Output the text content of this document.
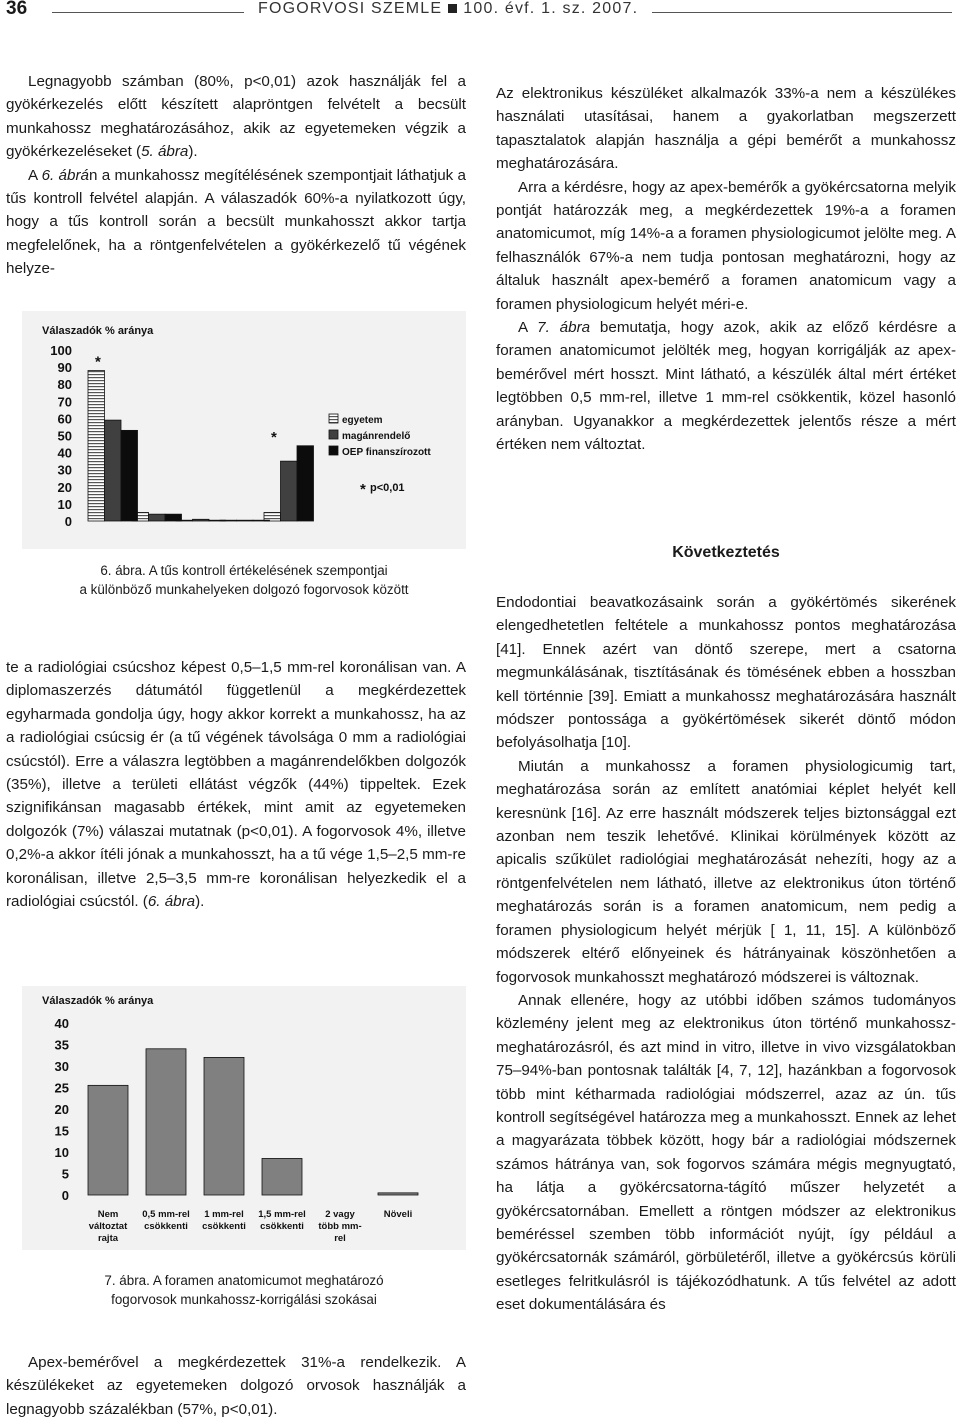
36	FOGORVOSI SZEMLE 100. évf. 1. sz. 2007.

Legnagyobb számban (80%, p<0,01) azok használják fel a gyökérkezelés előtt készített alapröntgen felvételt a becsült munkahossz meghatározásához, akik az egyetemeken végzik a gyökérkezeléseket (5. ábra).

A 6. ábrán a munkahossz megítélésének szempontjait láthatjuk a tűs kontroll felvétel alapján. A válaszadók 60%-a nyilatkozott úgy, hogy a tűs kontroll során a becsült munkahosszt akkor tartja megfelelőnek, ha a röntgenfelvételen a gyökérkezelő tű végének helyze-

Válaszadók % aránya
100
90
80
70
60
50
40
30
20
10
0
*
*
egyetem
magánrendelő
OEP finanszírozott
* p<0,01
6. ábra. A tűs kontroll értékelésének szempontjai
a különböző munkahelyeken dolgozó fogorvosok között

te a radiológiai csúcshoz képest 0,5–1,5 mm-rel koronálisan van. A diplomaszerzés dátumától függetlenül a megkérdezettek egyharmada gondolja úgy, hogy akkor korrekt a munkahossz, ha az a radiológiai csúcsig ér (a tű végének távolsága 0 mm a radiológiai csúcstól). Erre a válaszra legtöbben a magánrendelőkben dolgozók (35%), illetve a területi ellátást végzők (44%) tippeltek. Ezek szignifikánsan magasabb értékek, mint amit az egyetemeken dolgozók (7%) válaszai mutatnak (p<0,01). A fogorvosok 4%, illetve 0,2%-a akkor ítéli jónak a munkahosszt, ha a tű vége 1,5–2,5 mm-re koronálisan, illetve 2,5–3,5 mm-re koronálisan helyezkedik el a radiológiai csúcstól. (6. ábra).

Válaszadók % aránya
40
35
30
25
20
15
10
5
0
Nem
változtat
rajta
0,5 mm-rel
csökkenti
1 mm-rel
csökkenti
1,5 mm-rel
csökkenti
2 vagy
több mm-
rel
Növeli
7. ábra. A foramen anatomicumot meghatározó
fogorvosok munkahossz-korrigálási szokásai

Apex-bemérővel a megkérdezettek 31%-a rendelkezik. A készülékeket az egyetemeken dolgozó orvosok használják a legnagyobb százalékban (57%, p<0,01).

Az elektronikus készüléket alkalmazók 33%-a nem a készülékes használati utasításai, hanem a gyakorlatban megszerzett tapasztalatok alapján használja a gépi bemérőt a munkahossz meghatározására.

Arra a kérdésre, hogy az apex-bemérők a gyökércsatorna melyik pontját határozzák meg, a megkérdezettek 19%-a a foramen anatomicumot, míg 14%-a a foramen physiologicumot jelölte meg. A felhasználók 67%-a nem tudja pontosan meghatározni, hogy az általuk használt apex-bemérő a foramen anatomicum vagy a foramen physiologicum helyét méri-e.

A 7. ábra bemutatja, hogy azok, akik az előző kérdésre a foramen anatomicumot jelölték meg, hogyan korrigálják az apex-bemérővel mért hosszt. Mint látható, a készülék által mért értéket legtöbben 0,5 mm-rel, illetve 1 mm-rel csökkentik, közel hasonló arányban. Ugyanakkor a megkérdezettek jelentős része a mért értéken nem változtat.

Következtetés

Endodontiai beavatkozásaink során a gyökértömés sikerének elengedhetetlen feltétele a munkahossz pontos meghatározása [41]. Ennek azért van döntő szerepe, mert a csatorna megmunkálásának, tisztításának és tömésének ebben a hosszban kell történnie [39]. Emiatt a munkahossz meghatározására használt módszer pontossága a gyökértömések sikerét döntő módon befolyásolhatja [10].

Miután a munkahossz a foramen physiologicumig tart, meghatározása során az említett anatómiai képlet helyét kell keresnünk [16]. Az erre használt módszerek teljes biztonsággal ezt azonban nem teszik lehetővé. Klinikai körülmények között az apicalis szűkület radiológiai meghatározását nehezíti, hogy az a röntgenfelvételen nem látható, illetve az elektronikus úton történő meghatározás során is a foramen anatomicum, nem pedig a foramen physiologicum helyét mérjük [ 1, 11, 15]. A különböző módszerek eltérő előnyeinek és hátrányainak köszönhetően a fogorvosok munkahosszt meghatározó módszerei is változnak.

Annak ellenére, hogy az utóbbi időben számos tudományos közlemény jelent meg az elektronikus úton történő munkahossz-meghatározásról, és azt mind in vitro, illetve in vivo vizsgálatokban 75–94%-ban pontosnak találták [4, 7, 12], hazánkban a fogorvosok több mint kétharmada radiológiai módszerrel, azaz az ún. tűs kontroll segítségével határozza meg a munkahosszt. Ennek az lehet a magyarázata többek között, hogy bár a radiológiai módszernek számos hátránya van, sok fogorvos számára mégis megnyugtató, ha látja a gyökércsatorna-tágító műszer helyzetét a gyökércsatornában. Emellett a röntgen módszer az elektronikus beméréssel szemben több információt nyújt, így például a gyökércsatornák számáról, görbületéről, illetve a gyökércsús körüli esetleges felritkulásról is tájékozódhatunk. A tűs felvétel az adott eset dokumentálására és
